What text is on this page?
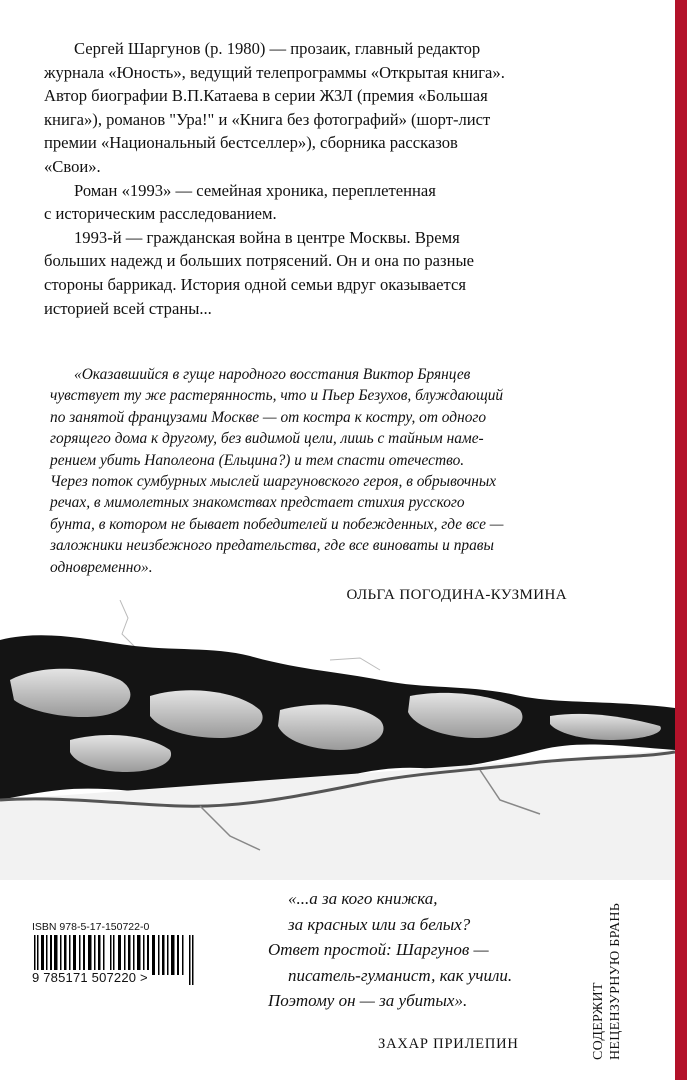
Сергей Шаргунов (р. 1980) — прозаик, главный редактор
журнала «Юность», ведущий телепрограммы «Открытая книга».
Автор биографии В.П.Катаева в серии ЖЗЛ (премия «Большая
книга»), романов "Ура!" и «Книга без фотографий» (шорт-лист
премии «Национальный бестселлер»), сборника рассказов
«Свои».

Роман «1993» — семейная хроника, переплетенная
с историческим расследованием.

1993-й — гражданская война в центре Москвы. Время
больших надежд и больших потрясений. Он и она по разные
стороны баррикад. История одной семьи вдруг оказывается
историей всей страны...

«Оказавшийся в гуще народного восстания Виктор Брянцев
чувствует ту же растерянность, что и Пьер Безухов, блуждающий
по занятой французами Москве — от костра к костру, от одного
горящего дома к другому, без видимой цели, лишь с тайным наме-
рением убить Наполеона (Ельцина?) и тем спасти отечество.
Через поток сумбурных мыслей шаргуновского героя, в обрывочных
речах, в мимолетных знакомствах предстает стихия русского
бунта, в котором не бывает победителей и побежденных, где все —
заложники неизбежного предательства, где все виноваты и правы
одновременно».
ОЛЬГА ПОГОДИНА-КУЗМИНА
ISBN 978-5-17-150722-0
9 785171 507220 >
«...а за кого книжка,
за красных или за белых?
Ответ простой: Шаргунов —
писатель-гуманист, как учили.
Поэтому он — за убитых».
ЗАХАР ПРИЛЕПИН	СОДЕРЖИТ НЕЦЕНЗУРНУЮ БРАНЬ
